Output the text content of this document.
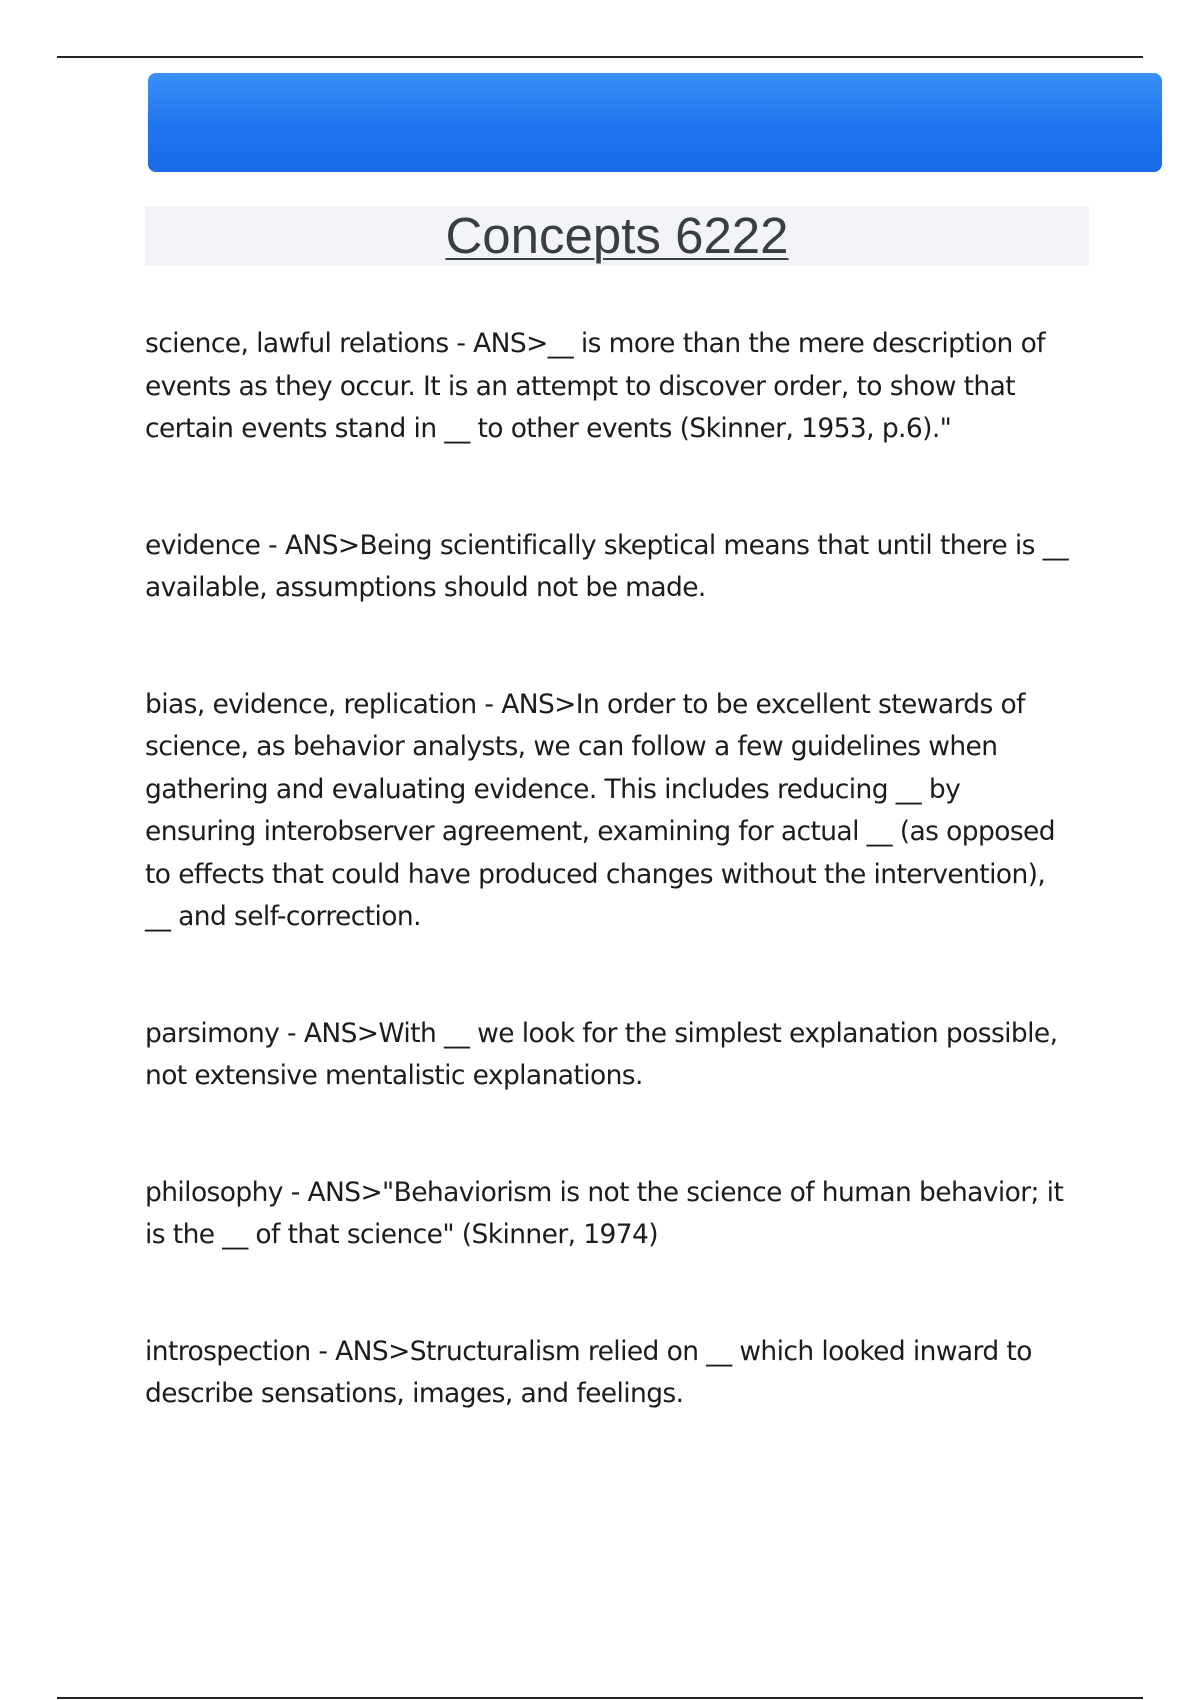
Concepts 6222

science, lawful relations - ANS>__ is more than the mere description of
events as they occur. It is an attempt to discover order, to show that
certain events stand in __ to other events (Skinner, 1953, p.6)."

evidence - ANS>Being scientifically skeptical means that until there is __
available, assumptions should not be made.

bias, evidence, replication - ANS>In order to be excellent stewards of
science, as behavior analysts, we can follow a few guidelines when
gathering and evaluating evidence. This includes reducing __ by
ensuring interobserver agreement, examining for actual __ (as opposed
to effects that could have produced changes without the intervention),
__ and self-correction.

parsimony - ANS>With __ we look for the simplest explanation possible,
not extensive mentalistic explanations.

philosophy - ANS>"Behaviorism is not the science of human behavior; it
is the __ of that science" (Skinner, 1974)

introspection - ANS>Structuralism relied on __ which looked inward to
describe sensations, images, and feelings.
